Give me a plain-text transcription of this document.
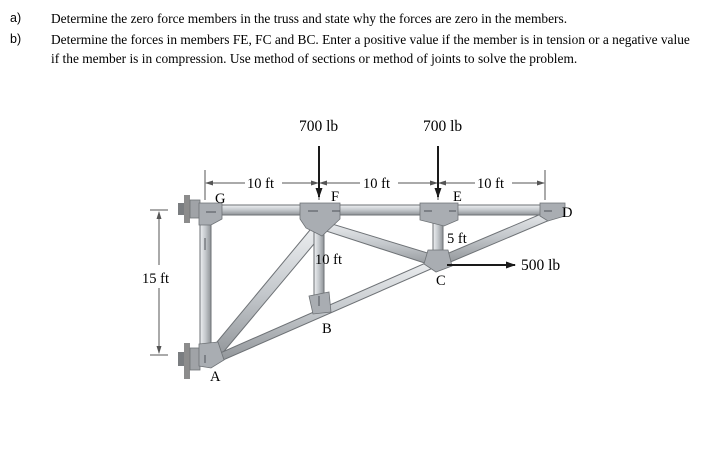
a) Determine the zero force members in the truss and state why the forces are zero in the members.
b) Determine the forces in members FE, FC and BC. Enter a positive value if the member is in tension or a negative value if the member is in compression. Use method of sections or method of joints to solve the problem.
10 ft	10 ft	10 ft
15 ft
700 lb	700 lb
500 lb
10 ft
5 ft
G	F	E
D
C
B
A
